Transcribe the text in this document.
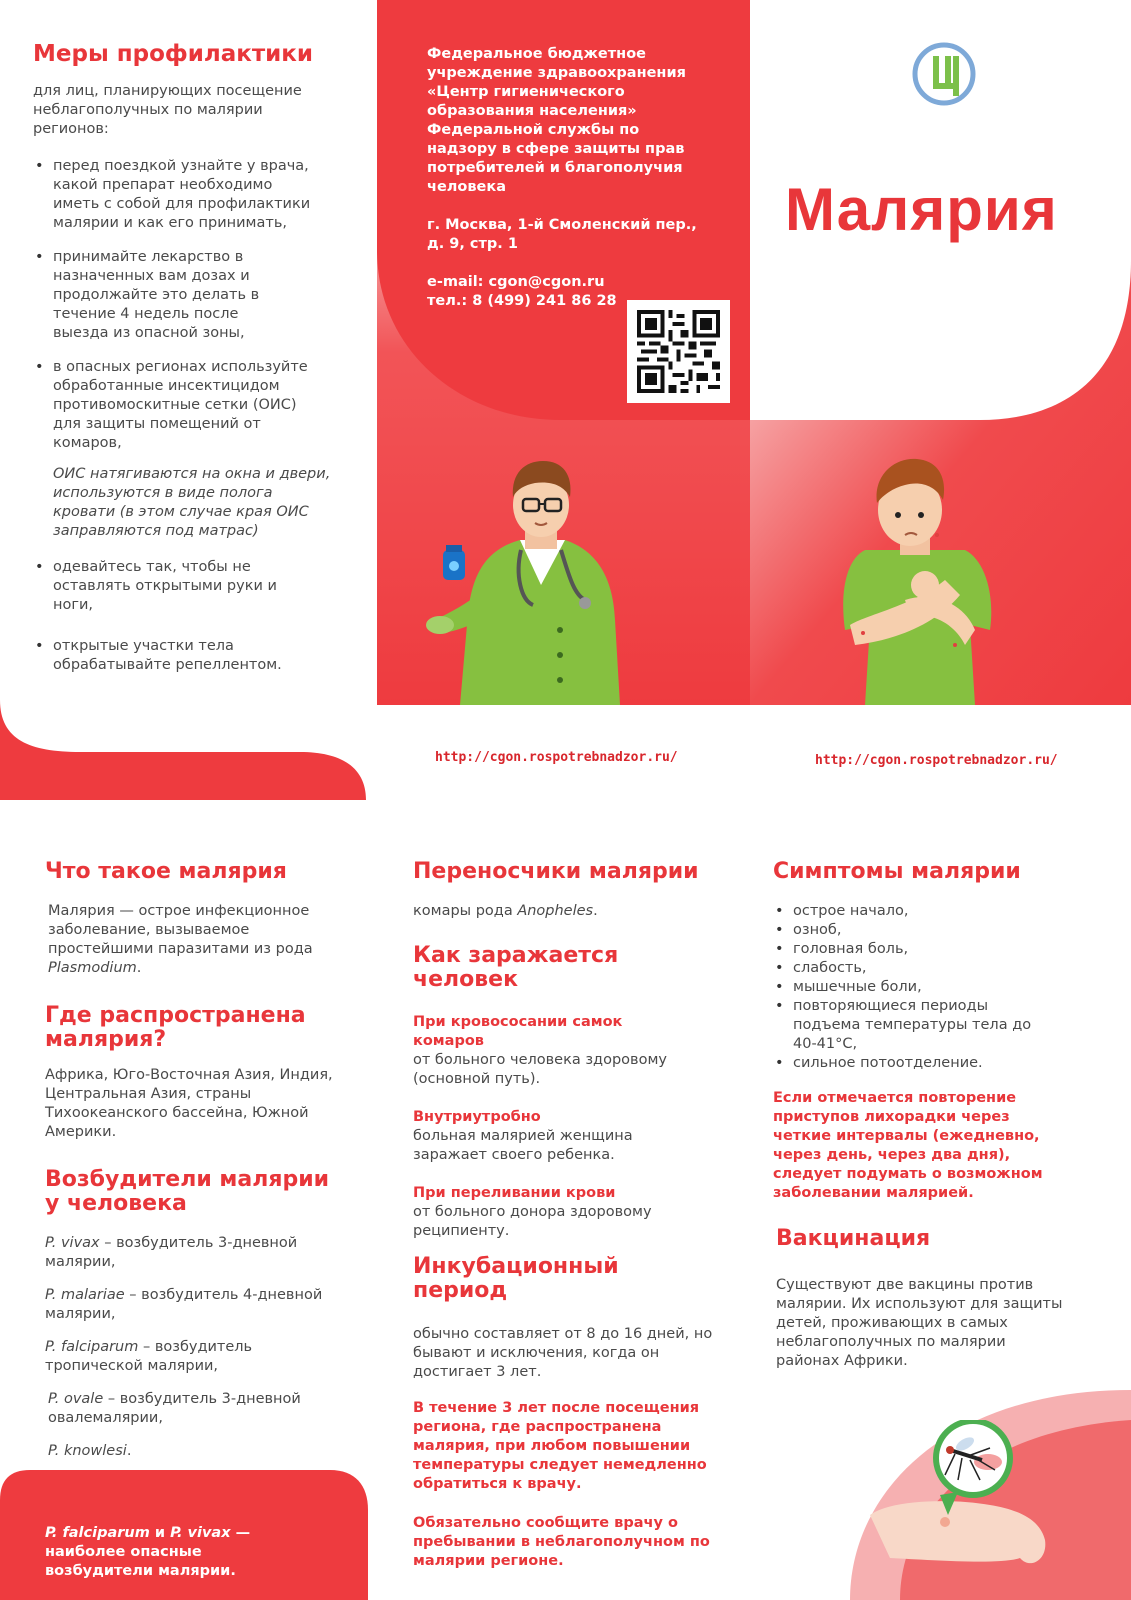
Меры профилактики
для лиц, планирующих посещение неблагополучных по малярии регионов:
• перед поездкой узнайте у врача, какой препарат необходимо иметь с собой для профилактики малярии и как его принимать,
• принимайте лекарство в назначенных вам дозах и продолжайте это делать в течение 4 недель после выезда из опасной зоны,
• в опасных регионах используйте обработанные инсектицидом противомоскитные сетки (ОИС) для защиты помещений от комаров,
ОИС натягиваются на окна и двери, используются в виде полога кровати (в этом случае края ОИС заправляются под матрас)
• одевайтесь так, чтобы не оставлять открытыми руки и ноги,
• открытые участки тела обрабатывайте репеллентом.
Федеральное бюджетное учреждение здравоохранения «Центр гигиенического образования населения» Федеральной службы по надзору в сфере защиты прав потребителей и благополучия человека
г. Москва, 1-й Смоленский пер., д. 9, стр. 1
e-mail: cgon@cgon.ru
тел.: 8 (499) 241 86 28
Малярия
http://cgon.rospotrebnadzor.ru/	http://cgon.rospotrebnadzor.ru/
Что такое малярия
Малярия — острое инфекционное заболевание, вызываемое простейшими паразитами из рода Plasmodium.
Где распространена малярия?
Африка, Юго-Восточная Азия, Индия, Центральная Азия, страны Тихоокеанского бассейна, Южной Америки.
Возбудители малярии у человека
P. vivax – возбудитель 3-дневной малярии,
P. malariae – возбудитель 4-дневной малярии,
P. falciparum – возбудитель тропической малярии,
P. ovale – возбудитель 3-дневной овалемалярии,
P. knowlesi.
P. falciparum и P. vivax — наиболее опасные возбудители малярии.
Переносчики малярии
комары рода Anopheles.
Как заражается человек
При кровососании самок комаров
от больного человека здоровому (основной путь).
Внутриутробно
больная малярией женщина заражает своего ребенка.
При переливании крови
от больного донора здоровому реципиенту.
Инкубационный период
обычно составляет от 8 до 16 дней, но бывают и исключения, когда он достигает 3 лет.
В течение 3 лет после посещения региона, где распространена малярия, при любом повышении температуры следует немедленно обратиться к врачу.
Обязательно сообщите врачу о пребывании в неблагополучном по малярии регионе.
Симптомы малярии
• острое начало,
• озноб,
• головная боль,
• слабость,
• мышечные боли,
• повторяющиеся периоды подъема температуры тела до 40-41°С,
• сильное потоотделение.
Если отмечается повторение приступов лихорадки через четкие интервалы (ежедневно, через день, через два дня), следует подумать о возможном заболевании малярией.
Вакцинация
Существуют две вакцины против малярии. Их используют для защиты детей, проживающих в самых неблагополучных по малярии районах Африки.
